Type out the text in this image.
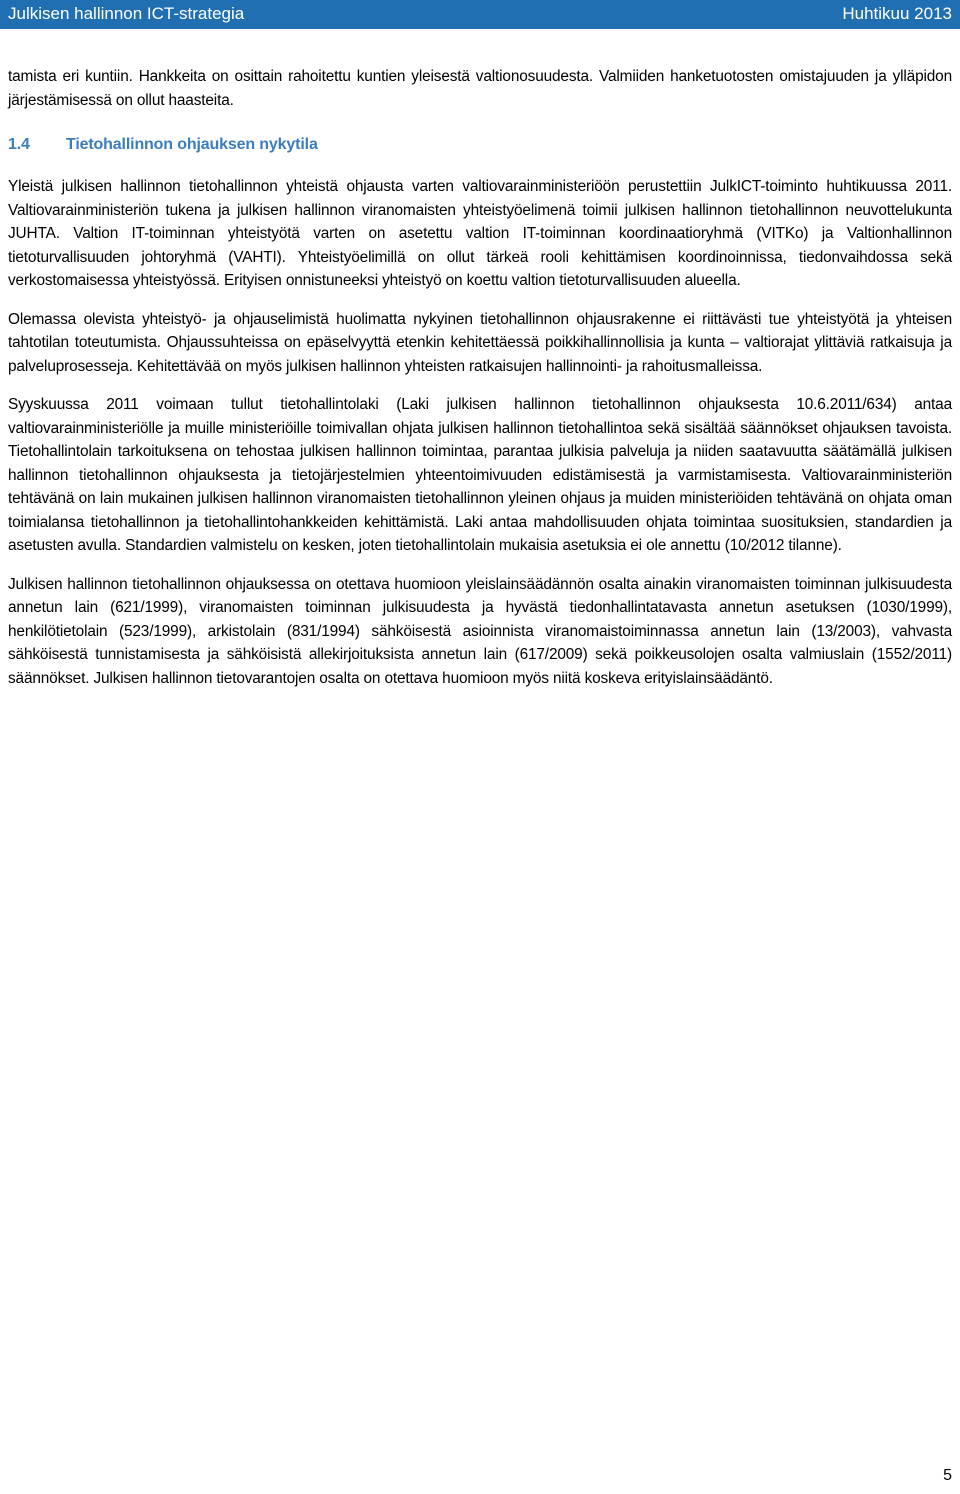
Julkisen hallinnon ICT-strategia	Huhtikuu 2013

tamista eri kuntiin. Hankkeita on osittain rahoitettu kuntien yleisestä valtionosuudesta. Valmiiden hanketuotosten omistajuuden ja ylläpidon järjestämisessä on ollut haasteita.

1.4 Tietohallinnon ohjauksen nykytila

Yleistä julkisen hallinnon tietohallinnon yhteistä ohjausta varten valtiovarainministeriöön perustettiin JulkICT-toiminto huhtikuussa 2011. Valtiovarainministeriön tukena ja julkisen hallinnon viranomaisten yhteistyöelimenä toimii julkisen hallinnon tietohallinnon neuvottelukunta JUHTA. Valtion IT-toiminnan yhteistyötä varten on asetettu valtion IT-toiminnan koordinaatioryhmä (VITKo) ja Valtionhallinnon tietoturvallisuuden johtoryhmä (VAHTI). Yhteistyöelimillä on ollut tärkeä rooli kehittämisen koordinoinnissa, tiedonvaihdossa sekä verkostomaisessa yhteistyössä. Erityisen onnistuneeksi yhteistyö on koettu valtion tietoturvallisuuden alueella.

Olemassa olevista yhteistyö- ja ohjauselimistä huolimatta nykyinen tietohallinnon ohjausrakenne ei riittävästi tue yhteistyötä ja yhteisen tahtotilan toteutumista. Ohjaussuhteissa on epäselvyyttä etenkin kehitettäessä poikkihallinnollisia ja kunta – valtiorajat ylittäviä ratkaisuja ja palveluprosesseja. Kehitettävää on myös julkisen hallinnon yhteisten ratkaisujen hallinnointi- ja rahoitusmalleissa.

Syyskuussa 2011 voimaan tullut tietohallintolaki (Laki julkisen hallinnon tietohallinnon ohjauksesta 10.6.2011/634) antaa valtiovarainministeriölle ja muille ministeriöille toimivallan ohjata julkisen hallinnon tietohallintoa sekä sisältää säännökset ohjauksen tavoista. Tietohallintolain tarkoituksena on tehostaa julkisen hallinnon toimintaa, parantaa julkisia palveluja ja niiden saatavuutta säätämällä julkisen hallinnon tietohallinnon ohjauksesta ja tietojärjestelmien yhteentoimivuuden edistämisestä ja varmistamisesta. Valtiovarainministeriön tehtävänä on lain mukainen julkisen hallinnon viranomaisten tietohallinnon yleinen ohjaus ja muiden ministeriöiden tehtävänä on ohjata oman toimialansa tietohallinnon ja tietohallintohankkeiden kehittämistä. Laki antaa mahdollisuuden ohjata toimintaa suosituksien, standardien ja asetusten avulla. Standardien valmistelu on kesken, joten tietohallintolain mukaisia asetuksia ei ole annettu (10/2012 tilanne).

Julkisen hallinnon tietohallinnon ohjauksessa on otettava huomioon yleislainsäädännön osalta ainakin viranomaisten toiminnan julkisuudesta annetun lain (621/1999), viranomaisten toiminnan julkisuudesta ja hyvästä tiedonhallintatavasta annetun asetuksen (1030/1999), henkilötietolain (523/1999), arkistolain (831/1994) sähköisestä asioinnista viranomaistoiminnassa annetun lain (13/2003), vahvasta sähköisestä tunnistamisesta ja sähköisistä allekirjoituksista annetun lain (617/2009) sekä poikkeusolojen osalta valmiuslain (1552/2011) säännökset. Julkisen hallinnon tietovarantojen osalta on otettava huomioon myös niitä koskeva erityislainsäädäntö.

5
